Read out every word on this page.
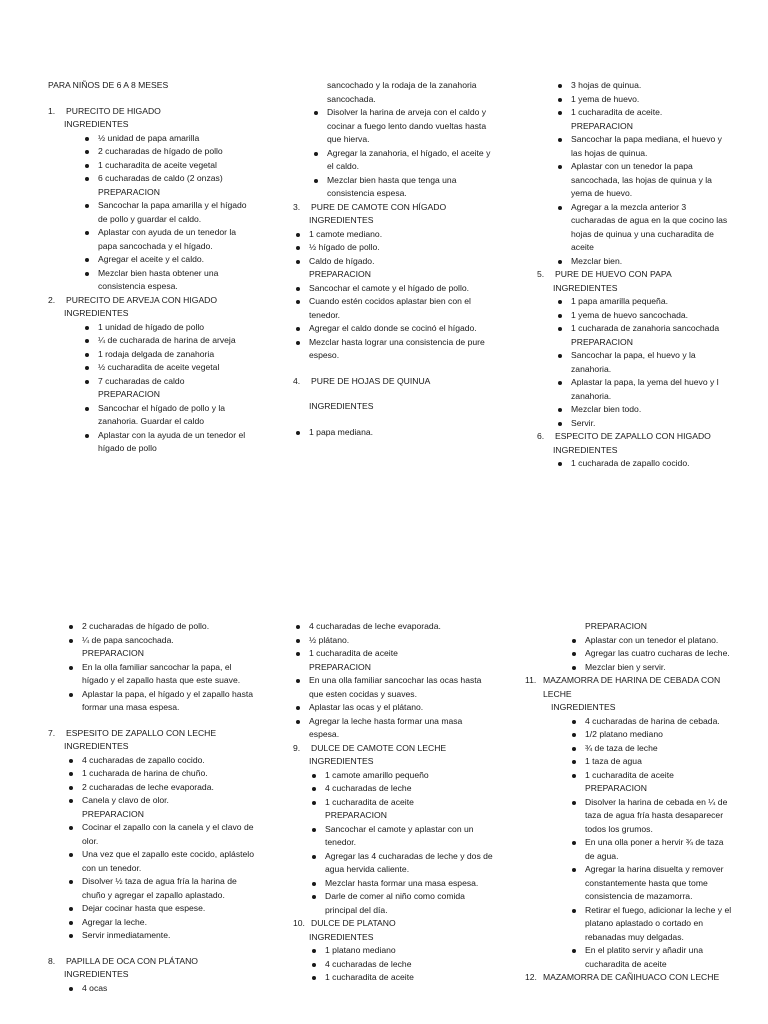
PARA NIÑOS DE 6 A 8 MESES
1. PURECITO DE HIGADO
INGREDIENTES
½ unidad de papa amarilla
2 cucharadas de hígado de pollo
1 cucharadita de aceite vegetal
6 cucharadas de caldo (2 onzas)
PREPARACION
Sancochar la papa amarilla y el hígado de pollo y guardar el caldo.
Aplastar con ayuda de un tenedor la papa sancochada y el hígado.
Agregar el aceite y el caldo.
Mezclar bien hasta obtener una consistencia espesa.
2. PURECITO DE ARVEJA CON HIGADO
INGREDIENTES
1 unidad de hígado de pollo
¼ de cucharada de harina de arveja
1 rodaja delgada de zanahoria
½ cucharadita de aceite vegetal
7 cucharadas de caldo
PREPARACION
Sancochar el hígado de pollo y la zanahoria. Guardar el caldo
Aplastar con la ayuda de un tenedor el hígado de pollo
sancochado y la rodaja de la zanahoria sancochada.
Disolver la harina de arveja con el caldo y cocinar a fuego lento dando vueltas hasta que hierva.
Agregar la zanahoria, el hígado, el aceite y el caldo.
Mezclar bien hasta que tenga una consistencia espesa.
3. PURE DE CAMOTE CON HÍGADO
INGREDIENTES
1 camote mediano.
½ hígado de pollo.
Caldo de hígado.
PREPARACION
Sancochar el camote y el hígado de pollo.
Cuando estén cocidos aplastar bien con el tenedor.
Agregar el caldo donde se cocinó el hígado.
Mezclar hasta lograr una consistencia de pure espeso.
4. PURE DE HOJAS DE QUINUA
INGREDIENTES
1 papa mediana.
3 hojas de quinua.
1 yema de huevo.
1 cucharadita de aceite.
PREPARACION
Sancochar la papa mediana, el huevo y las hojas de quinua.
Aplastar con un tenedor la papa sancochada, las hojas de quinua y la yema de huevo.
Agregar a la mezcla anterior 3 cucharadas de agua en la que cocino las hojas de quinua y una cucharadita de aceite
Mezclar bien.
5. PURE DE HUEVO CON PAPA
INGREDIENTES
1 papa amarilla pequeña.
1 yema de huevo sancochada.
1 cucharada de zanahoria sancochada
PREPARACION
Sancochar la papa, el huevo y la zanahoria.
Aplastar la papa, la yema del huevo y l zanahoria.
Mezclar bien todo.
Servir.
6. ESPECITO DE ZAPALLO CON HIGADO
INGREDIENTES
1 cucharada de zapallo cocido.
2 cucharadas de hígado de pollo.
¼ de papa sancochada.
PREPARACION
En la olla familiar sancochar la papa, el hígado y el zapallo hasta que este suave.
Aplastar la papa, el hígado y el zapallo hasta formar una masa espesa.
7. ESPESITO DE ZAPALLO CON LECHE
INGREDIENTES
4 cucharadas de zapallo cocido.
1 cucharada de harina de chuño.
2 cucharadas de leche evaporada.
Canela y clavo de olor.
PREPARACION
Cocinar el zapallo con la canela y el clavo de olor.
Una vez que el zapallo este cocido, aplástelo con un tenedor.
Disolver ½ taza de agua fría la harina de chuño y agregar el zapallo aplastado.
Dejar cocinar hasta que espese.
Agregar la leche.
Servir inmediatamente.
8. PAPILLA DE OCA CON PLÁTANO
INGREDIENTES
4 ocas
4 cucharadas de leche evaporada.
½ plátano.
1 cucharadita de aceite
PREPARACION
En una olla familiar sancochar las ocas hasta que esten cocidas y suaves.
Aplastar las ocas y el plátano.
Agregar la leche hasta formar una masa espesa.
9. DULCE DE CAMOTE CON LECHE
INGREDIENTES
1 camote amarillo pequeño
4 cucharadas de leche
1 cucharadita de aceite
PREPARACION
Sancochar el camote y aplastar con un tenedor.
Agregar las 4 cucharadas de leche y dos de agua hervida caliente.
Mezclar hasta formar una masa espesa.
Darle de comer al niño como comida principal del día.
10. DULCE DE PLATANO
INGREDIENTES
1 platano mediano
4 cucharadas de leche
1 cucharadita de aceite
PREPARACION
Aplastar con un tenedor el platano.
Agregar las cuatro cucharas de leche.
Mezclar bien y servir.
11. MAZAMORRA DE HARINA DE CEBADA CON LECHE
INGREDIENTES
4 cucharadas de harina de cebada.
1/2 platano mediano
¾ de taza de leche
1 taza de agua
1 cucharadita de aceite
PREPARACION
Disolver la harina de cebada en ¼ de taza de agua fría hasta desaparecer todos los grumos.
En una olla poner a hervir ¾ de taza de agua.
Agregar la harina disuelta y remover constantemente hasta que tome consistencia de mazamorra.
Retirar el fuego, adicionar la leche y el platano aplastado o cortado en rebanadas muy delgadas.
En el platito servir y añadir una cucharadita de aceite
12. MAZAMORRA DE CAÑIHUACO CON LECHE
